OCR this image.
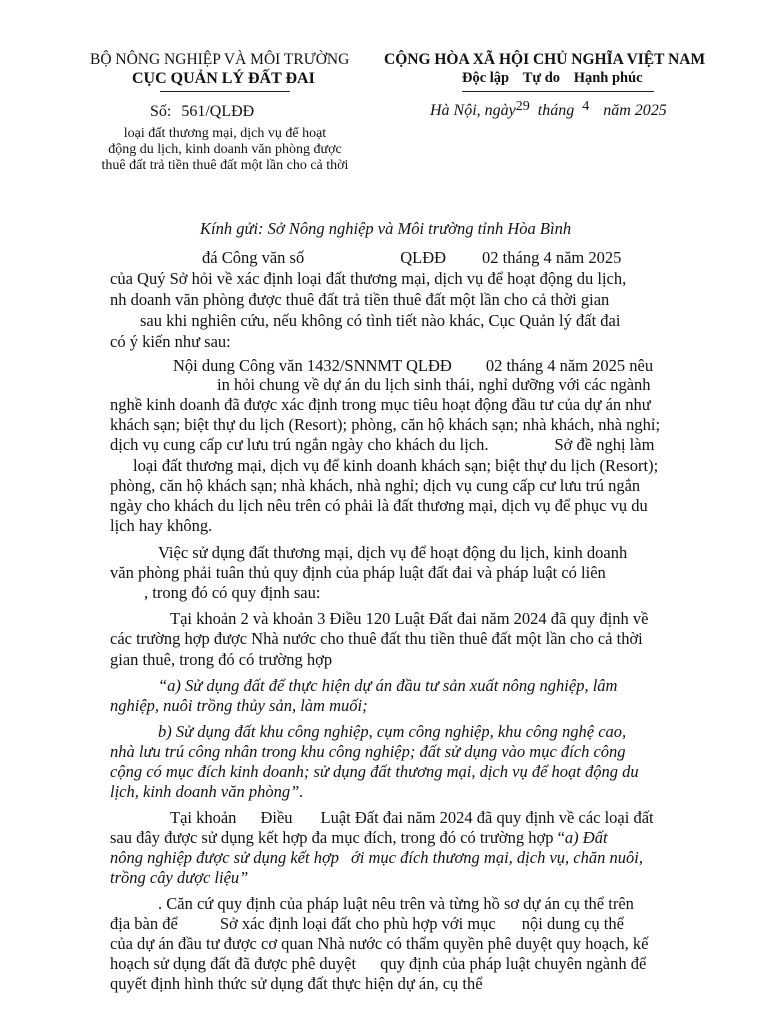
BỘ NÔNG NGHIỆP VÀ MÔI TRƯỜNG
CỤC QUẢN LÝ ĐẤT ĐAI
Số: 561/QLĐĐ
loại đất thương mại, dịch vụ để hoạt
động du lịch, kinh doanh văn phòng được
thuê đất trả tiền thuê đất một lần cho cả thời
CỘNG HÒA XÃ HỘI CHỦ NGHĨA VIỆT NAM
Độc lập Tự do Hạnh phúc
Hà Nội, ngày29 tháng 4 năm 2025
Kính gửi: Sở Nông nghiệp và Môi trường tỉnh Hòa Bình
đá Công văn số	QLĐĐ 02 tháng 4 năm 2025
của Quý Sở hỏi về xác định loại đất thương mại, dịch vụ để hoạt động du lịch,
nh doanh văn phòng được thuê đất trả tiền thuê đất một lần cho cả thời gian
sau khi nghiên cứu, nếu không có tình tiết nào khác, Cục Quản lý đất đai
có ý kiến như sau:
Nội dung Công văn 1432/SNNMT QLĐĐ 02 tháng 4 năm 2025 nêu
in hỏi chung về dự án du lịch sinh thái, nghỉ dưỡng với các ngành
nghề kinh doanh đã được xác định trong mục tiêu hoạt động đầu tư của dự án như
khách sạn; biệt thự du lịch (Resort); phòng, căn hộ khách sạn; nhà khách, nhà nghỉ;
dịch vụ cung cấp cư lưu trú ngắn ngày cho khách du lịch.	Sở đề nghị làm
loại đất thương mại, dịch vụ để kinh doanh khách sạn; biệt thự du lịch (Resort);
phòng, căn hộ khách sạn; nhà khách, nhà nghỉ; dịch vụ cung cấp cư lưu trú ngắn
ngày cho khách du lịch nêu trên có phải là đất thương mại, dịch vụ để phục vụ du
lịch hay không.
Việc sử dụng đất thương mại, dịch vụ để hoạt động du lịch, kinh doanh
văn phòng phải tuân thủ quy định của pháp luật đất đai và pháp luật có liên
, trong đó có quy định sau:
Tại khoản 2 và khoản 3 Điều 120 Luật Đất đai năm 2024 đã quy định về
các trường hợp được Nhà nước cho thuê đất thu tiền thuê đất một lần cho cả thời
gian thuê, trong đó có trường hợp
“a) Sử dụng đất để thực hiện dự án đầu tư sản xuất nông nghiệp, lâm
nghiệp, nuôi trồng thủy sản, làm muối;
b) Sử dụng đất khu công nghiệp, cụm công nghiệp, khu công nghệ cao,
nhà lưu trú công nhân trong khu công nghiệp; đất sử dụng vào mục đích công
cộng có mục đích kinh doanh; sử dụng đất thương mại, dịch vụ để hoạt động du
lịch, kinh doanh văn phòng”.
Tại khoản Điều Luật Đất đai năm 2024 đã quy định về các loại đất
sau đây được sử dụng kết hợp đa mục đích, trong đó có trường hợp “a) Đất
nông nghiệp được sử dụng kết hợp ới mục đích thương mại, dịch vụ, chăn nuôi,
trồng cây dược liệu”
. Căn cứ quy định của pháp luật nêu trên và từng hồ sơ dự án cụ thể trên
địa bàn để	Sở xác định loại đất cho phù hợp với mục nội dung cụ thể
của dự án đầu tư được cơ quan Nhà nước có thẩm quyền phê duyệt quy hoạch, kế
hoạch sử dụng đất đã được phê duyệt quy định của pháp luật chuyên ngành để
quyết định hình thức sử dụng đất thực hiện dự án, cụ thể
